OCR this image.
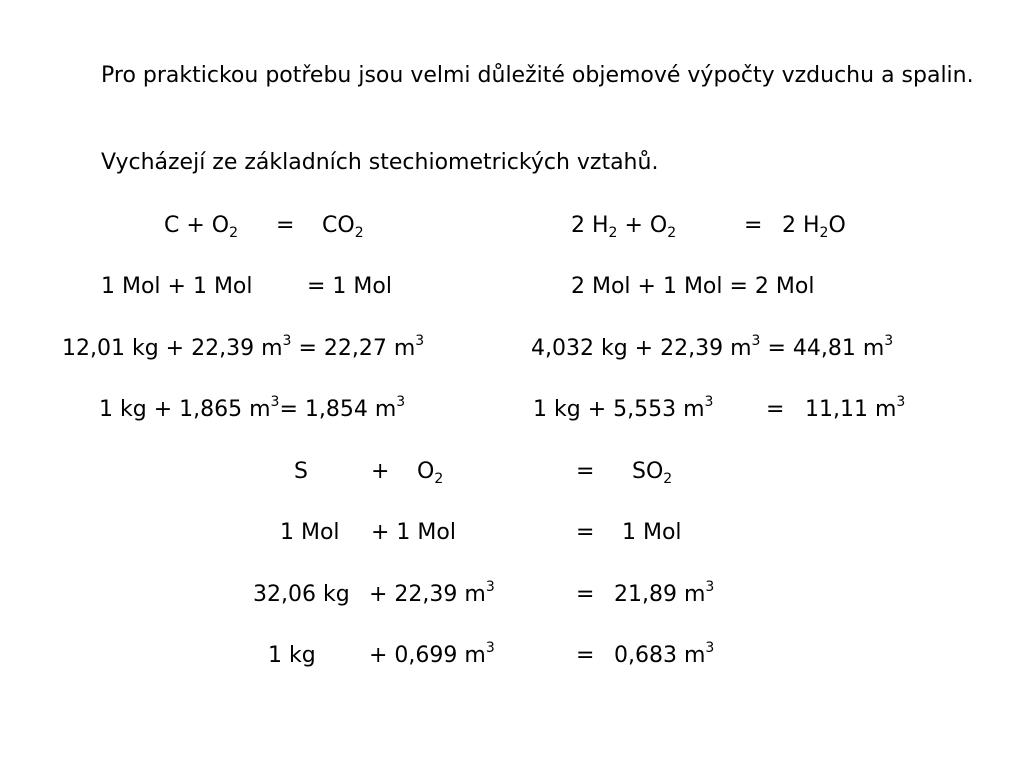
Pro praktickou potřebu jsou velmi důležité objemové výpočty vzduchu a spalin.
Vycházejí ze základních stechiometrických vztahů.
$C + O_2 = CO_2$	2 $H_2 + O_2$	= 2 $H_2O$
1 Mol + 1 Mol = 1 Mol	2 Mol + 1 Mol = 2 Mol
12,01 kg + 22,39 $m^3 = 22,27$ $m^3$	4,032 kg + 22,39 $m^3 = 44,81$ $m^3$
1 kg + 1,865 $m^3= 1,854$ $m^3$	1 kg + 5,553 $m^3 = 11,11$ $m^3$
S	+ $O_2$	= $SO_2$
1 Mol + 1 Mol	= 1 Mol
32,06 kg + 22,39 $m^3$	= 21,89 $m^3$
1 kg + 0,699 $m^3$	= 0,683 $m^3$
